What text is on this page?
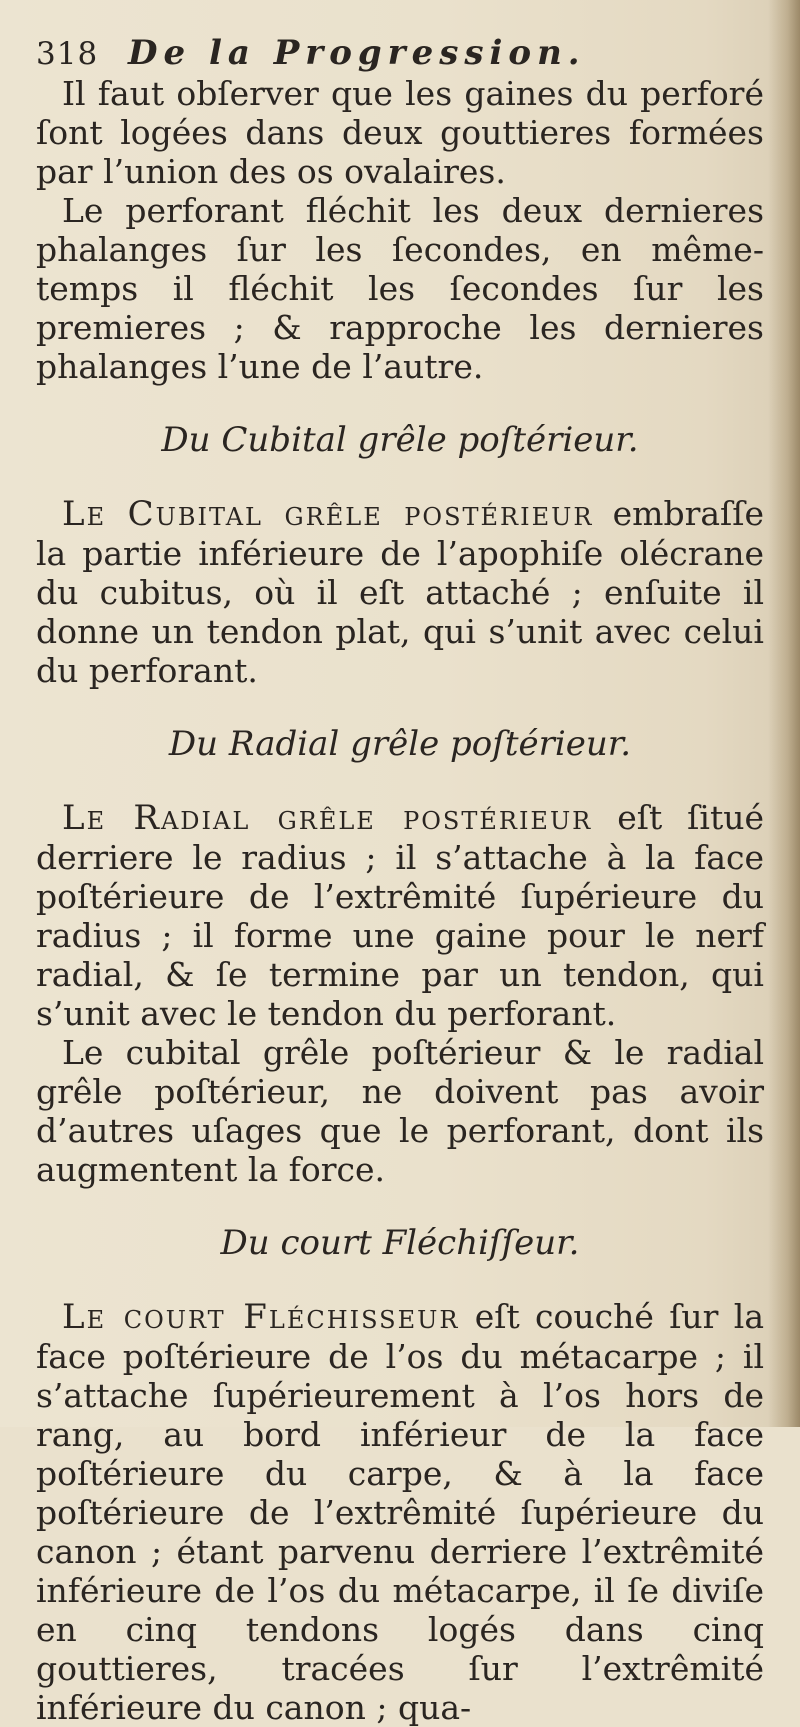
318 De la Progression.

Il faut obſerver que les gaines du perforé ſont logées dans deux gouttieres formées par l’union des os ovalaires.

Le perforant fléchit les deux dernieres phalanges ſur les ſecondes, en même-temps il fléchit les ſecondes ſur les premieres ; & rapproche les dernieres phalanges l’une de l’autre.

Du Cubital grêle poſtérieur.

Le Cubital grêle postérieur embraſſe la partie inférieure de l’apophiſe olécrane du cubitus, où il eſt attaché ; enſuite il donne un tendon plat, qui s’unit avec celui du perforant.

Du Radial grêle poſtérieur.

Le Radial grêle postérieur eſt ſitué derriere le radius ; il s’attache à la face poſtérieure de l’extrêmité ſupérieure du radius ; il forme une gaine pour le nerf radial, & ſe termine par un tendon, qui s’unit avec le tendon du perforant.

Le cubital grêle poſtérieur & le radial grêle poſtérieur, ne doivent pas avoir d’autres uſages que le perforant, dont ils augmentent la force.

Du court Fléchiſſeur.

Le court Fléchisseur eſt couché ſur la face poſtérieure de l’os du métacarpe ; il s’attache ſupérieurement à l’os hors de rang, au bord inférieur de la face poſtérieure du carpe, & à la face poſtérieure de l’extrêmité ſupérieure du canon ; étant parvenu derriere l’extrêmité inférieure de l’os du métacarpe, il ſe diviſe en cinq tendons logés dans cinq gouttieres, tracées ſur l’extrêmité inférieure du canon ; qua-
